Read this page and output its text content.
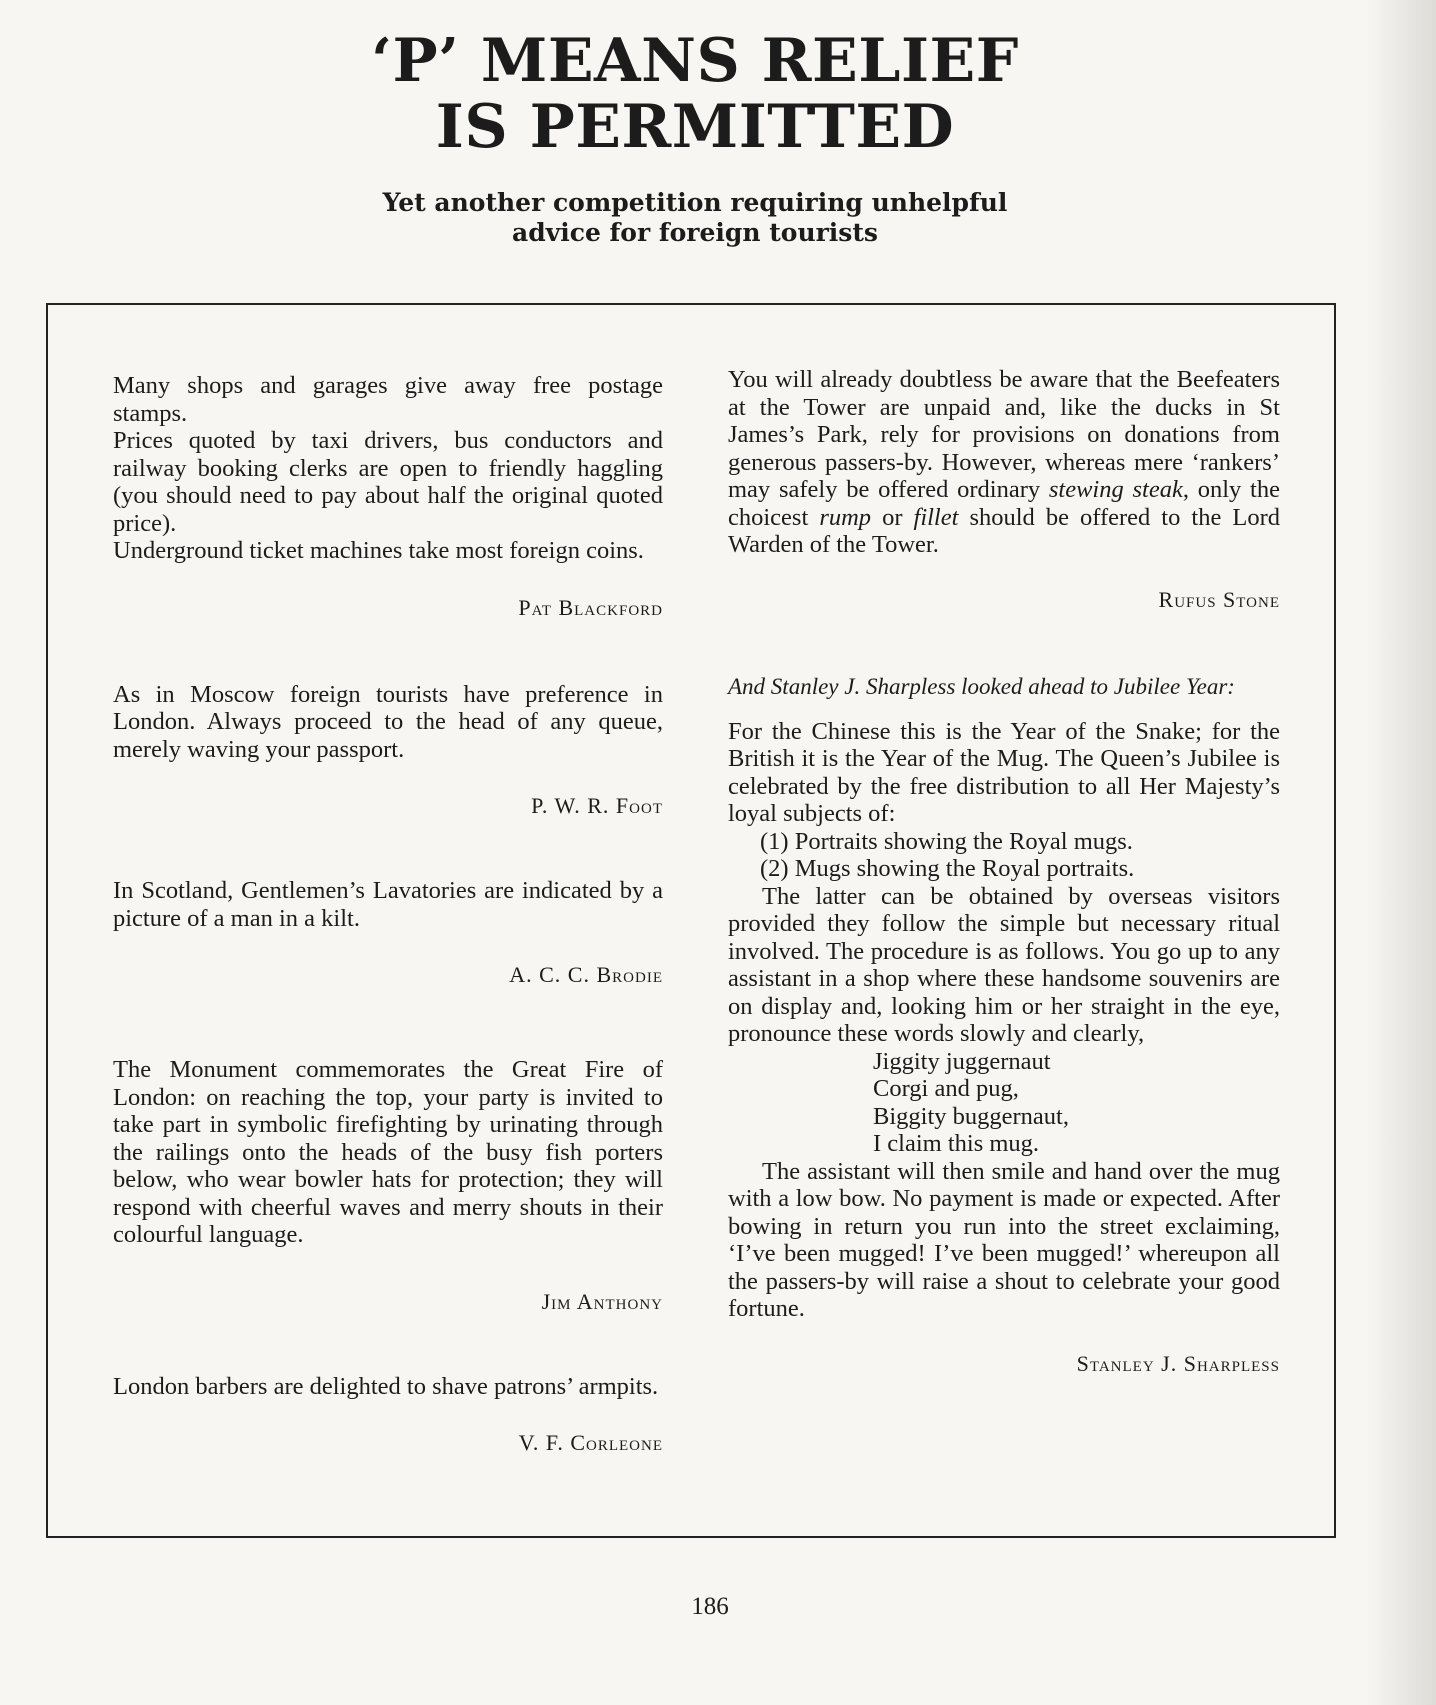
‘P’ MEANS RELIEF
IS PERMITTED
Yet another competition requiring unhelpful
advice for foreign tourists

Many shops and garages give away free postage stamps.

Prices quoted by taxi drivers, bus conductors and railway booking clerks are open to friendly haggling (you should need to pay about half the original quoted price).

Underground ticket machines take most foreign coins.

Pat Blackford

As in Moscow foreign tourists have preference in London. Always proceed to the head of any queue, merely waving your passport.

P. W. R. Foot

In Scotland, Gentlemen’s Lavatories are indicated by a picture of a man in a kilt.

A. C. C. Brodie

The Monument commemorates the Great Fire of London: on reaching the top, your party is invited to take part in symbolic firefighting by urinating through the railings onto the heads of the busy fish porters below, who wear bowler hats for protection; they will respond with cheerful waves and merry shouts in their colourful language.

Jim Anthony

London barbers are delighted to shave patrons’ armpits.

V. F. Corleone

You will already doubtless be aware that the Beefeaters at the Tower are unpaid and, like the ducks in St James’s Park, rely for provisions on donations from generous passers-by. However, whereas mere ‘rankers’ may safely be offered ordinary stewing steak, only the choicest rump or fillet should be offered to the Lord Warden of the Tower.

Rufus Stone
And Stanley J. Sharpless looked ahead to Jubilee Year:

For the Chinese this is the Year of the Snake; for the British it is the Year of the Mug. The Queen’s Jubilee is celebrated by the free distribution to all Her Majesty’s loyal subjects of:

(1) Portraits showing the Royal mugs.
(2) Mugs showing the Royal portraits.

The latter can be obtained by overseas visitors provided they follow the simple but necessary ritual involved. The procedure is as follows. You go up to any assistant in a shop where these handsome souvenirs are on display and, looking him or her straight in the eye, pronounce these words slowly and clearly,

Jiggity juggernaut
Corgi and pug,
Biggity buggernaut,
I claim this mug.

The assistant will then smile and hand over the mug with a low bow. No payment is made or expected. After bowing in return you run into the street exclaiming, ‘I’ve been mugged! I’ve been mugged!’ whereupon all the passers-by will raise a shout to celebrate your good fortune.

Stanley J. Sharpless
186
